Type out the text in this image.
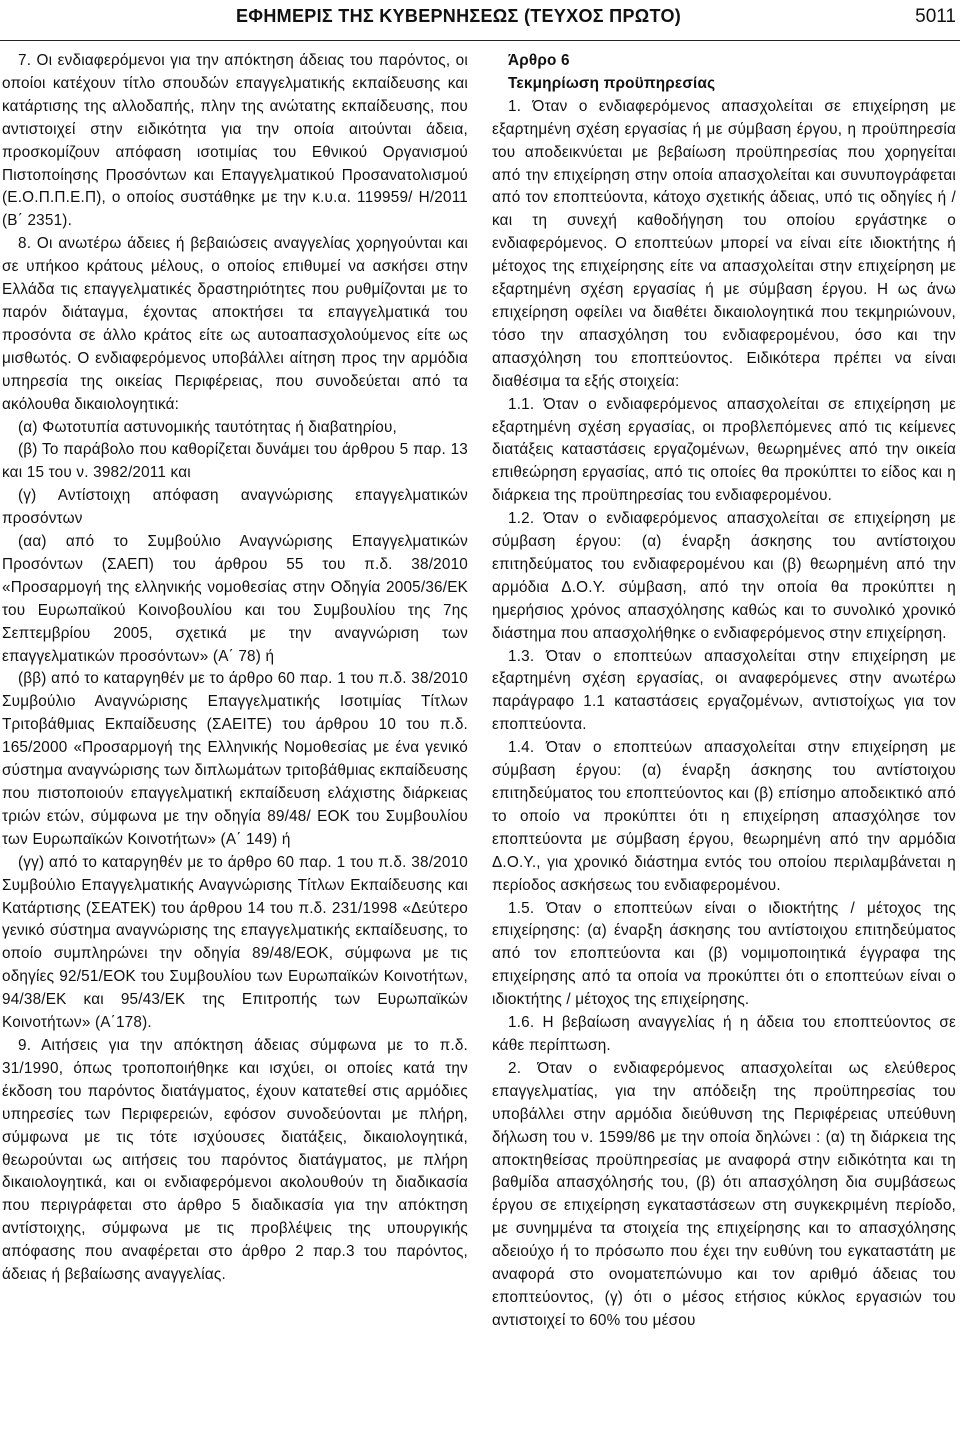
ΕΦΗΜΕΡΙΣ ΤΗΣ ΚΥΒΕΡΝΗΣΕΩΣ (ΤΕΥΧΟΣ ΠΡΩΤΟ)	5011

7. Οι ενδιαφερόμενοι για την απόκτηση άδειας του παρόντος, οι οποίοι κατέχουν τίτλο σπουδών επαγγελματικής εκπαίδευσης και κατάρτισης της αλλοδαπής, πλην της ανώτατης εκπαίδευσης, που αντιστοιχεί στην ειδικότητα για την οποία αιτούνται άδεια, προσκομίζουν απόφαση ισοτιμίας του Εθνικού Οργανισμού Πιστοποίησης Προσόντων και Επαγγελματικού Προσανατολισμού (Ε.Ο.Π.Π.Ε.Π), ο οποίος συστάθηκε με την κ.υ.α. 119959/ Η/2011 (Β΄ 2351).

8. Οι ανωτέρω άδειες ή βεβαιώσεις αναγγελίας χορηγούνται και σε υπήκοο κράτους μέλους, ο οποίος επιθυμεί να ασκήσει στην Ελλάδα τις επαγγελματικές δραστηριότητες που ρυθμίζονται με το παρόν διάταγμα, έχοντας αποκτήσει τα επαγγελματικά του προσόντα σε άλλο κράτος είτε ως αυτοαπασχολούμενος είτε ως μισθωτός. Ο ενδιαφερόμενος υποβάλλει αίτηση προς την αρμόδια υπηρεσία της οικείας Περιφέρειας, που συνοδεύεται από τα ακόλουθα δικαιολογητικά:

(α) Φωτοτυπία αστυνομικής ταυτότητας ή διαβατηρίου,

(β) Το παράβολο που καθορίζεται δυνάμει του άρθρου 5 παρ. 13 και 15 του ν. 3982/2011 και

(γ) Αντίστοιχη απόφαση αναγνώρισης επαγγελματικών προσόντων

(αα) από το Συμβούλιο Αναγνώρισης Επαγγελματικών Προσόντων (ΣΑΕΠ) του άρθρου 55 του π.δ. 38/2010 «Προσαρμογή της ελληνικής νομοθεσίας στην Οδηγία 2005/36/ΕΚ του Ευρωπαϊκού Κοινοβουλίου και του Συμβουλίου της 7ης Σεπτεμβρίου 2005, σχετικά με την αναγνώριση των επαγγελματικών προσόντων» (Α΄ 78) ή

(ββ) από το καταργηθέν με το άρθρο 60 παρ. 1 του π.δ. 38/2010 Συμβούλιο Αναγνώρισης Επαγγελματικής Ισοτιμίας Τίτλων Τριτοβάθμιας Εκπαίδευσης (ΣΑΕΙΤΕ) του άρθρου 10 του π.δ. 165/2000 «Προσαρμογή της Ελληνικής Νομοθεσίας με ένα γενικό σύστημα αναγνώρισης των διπλωμάτων τριτοβάθμιας εκπαίδευσης που πιστοποιούν επαγγελματική εκπαίδευση ελάχιστης διάρκειας τριών ετών, σύμφωνα με την οδηγία 89/48/ ΕΟΚ του Συμβουλίου των Ευρωπαϊκών Κοινοτήτων» (Α΄ 149) ή

(γγ) από το καταργηθέν με το άρθρο 60 παρ. 1 του π.δ. 38/2010 Συμβούλιο Επαγγελματικής Αναγνώρισης Τίτλων Εκπαίδευσης και Κατάρτισης (ΣΕΑΤΕΚ) του άρθρου 14 του π.δ. 231/1998 «Δεύτερο γενικό σύστημα αναγνώρισης της επαγγελματικής εκπαίδευσης, το οποίο συμπληρώνει την οδηγία 89/48/ΕΟΚ, σύμφωνα με τις οδηγίες 92/51/ΕΟΚ του Συμβουλίου των Ευρωπαϊκών Κοινοτήτων, 94/38/ΕΚ και 95/43/ΕΚ της Επιτροπής των Ευρωπαϊκών Κοινοτήτων» (Α΄178).

9. Αιτήσεις για την απόκτηση άδειας σύμφωνα με το π.δ. 31/1990, όπως τροποποιήθηκε και ισχύει, οι οποίες κατά την έκδοση του παρόντος διατάγματος, έχουν κατατεθεί στις αρμόδιες υπηρεσίες των Περιφερειών, εφόσον συνοδεύονται με πλήρη, σύμφωνα με τις τότε ισχύουσες διατάξεις, δικαιολογητικά, θεωρούνται ως αιτήσεις του παρόντος διατάγματος, με πλήρη δικαιολογητικά, και οι ενδιαφερόμενοι ακολουθούν τη διαδικασία που περιγράφεται στο άρθρο 5 διαδικασία για την απόκτηση αντίστοιχης, σύμφωνα με τις προβλέψεις της υπουργικής απόφασης που αναφέρεται στο άρθρο 2 παρ.3 του παρόντος, άδειας ή βεβαίωσης αναγγελίας.

Άρθρο 6

Τεκμηρίωση προϋπηρεσίας

1. Όταν ο ενδιαφερόμενος απασχολείται σε επιχείρηση με εξαρτημένη σχέση εργασίας ή με σύμβαση έργου, η προϋπηρεσία του αποδεικνύεται με βεβαίωση προϋπηρεσίας που χορηγείται από την επιχείρηση στην οποία απασχολείται και συνυπογράφεται από τον εποπτεύοντα, κάτοχο σχετικής άδειας, υπό τις οδηγίες ή / και τη συνεχή καθοδήγηση του οποίου εργάστηκε ο ενδιαφερόμενος. Ο εποπτεύων μπορεί να είναι είτε ιδιοκτήτης ή μέτοχος της επιχείρησης είτε να απασχολείται στην επιχείρηση με εξαρτημένη σχέση εργασίας ή με σύμβαση έργου. Η ως άνω επιχείρηση οφείλει να διαθέτει δικαιολογητικά που τεκμηριώνουν, τόσο την απασχόληση του ενδιαφερομένου, όσο και την απασχόληση του εποπτεύοντος. Ειδικότερα πρέπει να είναι διαθέσιμα τα εξής στοιχεία:

1.1. Όταν ο ενδιαφερόμενος απασχολείται σε επιχείρηση με εξαρτημένη σχέση εργασίας, οι προβλεπόμενες από τις κείμενες διατάξεις καταστάσεις εργαζομένων, θεωρημένες από την οικεία επιθεώρηση εργασίας, από τις οποίες θα προκύπτει το είδος και η διάρκεια της προϋπηρεσίας του ενδιαφερομένου.

1.2. Όταν ο ενδιαφερόμενος απασχολείται σε επιχείρηση με σύμβαση έργου: (α) έναρξη άσκησης του αντίστοιχου επιτηδεύματος του ενδιαφερομένου και (β) θεωρημένη από την αρμόδια Δ.Ο.Υ. σύμβαση, από την οποία θα προκύπτει η ημερήσιος χρόνος απασχόλησης καθώς και το συνολικό χρονικό διάστημα που απασχολήθηκε ο ενδιαφερόμενος στην επιχείρηση.

1.3. Όταν ο εποπτεύων απασχολείται στην επιχείρηση με εξαρτημένη σχέση εργασίας, οι αναφερόμενες στην ανωτέρω παράγραφο 1.1 καταστάσεις εργαζομένων, αντιστοίχως για τον εποπτεύοντα.

1.4. Όταν ο εποπτεύων απασχολείται στην επιχείρηση με σύμβαση έργου: (α) έναρξη άσκησης του αντίστοιχου επιτηδεύματος του εποπτεύοντος και (β) επίσημο αποδεικτικό από το οποίο να προκύπτει ότι η επιχείρηση απασχόλησε τον εποπτεύοντα με σύμβαση έργου, θεωρημένη από την αρμόδια Δ.Ο.Υ., για χρονικό διάστημα εντός του οποίου περιλαμβάνεται η περίοδος ασκήσεως του ενδιαφερομένου.

1.5. Όταν ο εποπτεύων είναι ο ιδιοκτήτης / μέτοχος της επιχείρησης: (α) έναρξη άσκησης του αντίστοιχου επιτηδεύματος από τον εποπτεύοντα και (β) νομιμοποιητικά έγγραφα της επιχείρησης από τα οποία να προκύπτει ότι ο εποπτεύων είναι ο ιδιοκτήτης / μέτοχος της επιχείρησης.

1.6. Η βεβαίωση αναγγελίας ή η άδεια του εποπτεύοντος σε κάθε περίπτωση.

2. Όταν ο ενδιαφερόμενος απασχολείται ως ελεύθερος επαγγελματίας, για την απόδειξη της προϋπηρεσίας του υποβάλλει στην αρμόδια διεύθυνση της Περιφέρειας υπεύθυνη δήλωση του ν. 1599/86 με την οποία δηλώνει : (α) τη διάρκεια της αποκτηθείσας προϋπηρεσίας με αναφορά στην ειδικότητα και τη βαθμίδα απασχόλησής του, (β) ότι απασχόληση δια συμβάσεως έργου σε επιχείρηση εγκαταστάσεων στη συγκεκριμένη περίοδο, με συνημμένα τα στοιχεία της επιχείρησης και το απασχόλησης αδειούχο ή το πρόσωπο που έχει την ευθύνη του εγκαταστάτη με αναφορά στο ονοματεπώνυμο και τον αριθμό άδειας του εποπτεύοντος, (γ) ότι ο μέσος ετήσιος κύκλος εργασιών του αντιστοιχεί το 60% του μέσου
